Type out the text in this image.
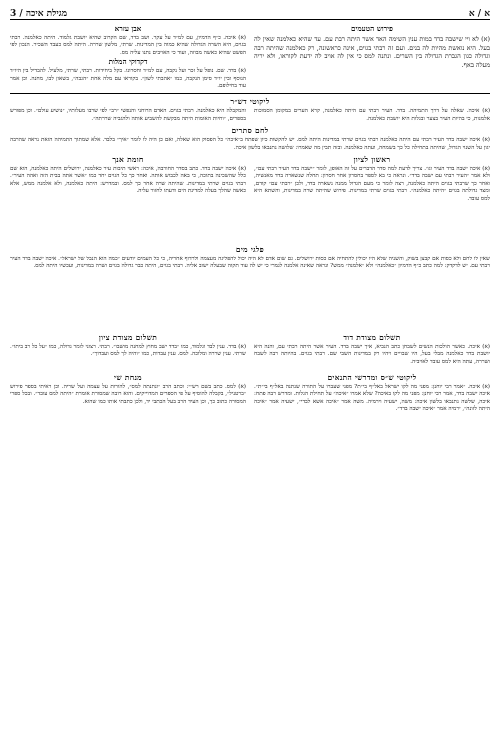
א / א
מגילת איכה / 3
פירוש הטעמים
(א) לא ויי שישבה בדד במות ענין השימה האד אשר היתה רבת עם. עד שהיא כאלמנה שאין לה בעל. היא נואשת מהיות לה בנים. ועם זה רבתי בגוים, אינה כראשונה, רק כאלמנה שהיתה רבה וגדולה כגון הגברת הגדולה בין השרים. ונתנה למס כי אין לה אויב לה ידעת לקוראו, ולא יריה מעלה באף.
אבן עזרא
(א) איכה. כ״ף הדמיון, עם למ״ד על עקר. ושב בדד, שם הקרוב שהיא יושבת גלמוד. היתה כאלמנה. רבתי בגוים, היא השרה הגדולה שהיא כמוה בין המדינות. שרתי, מלשון שררה. היתה למס כעבד השכיר. הנכון לפי הפשט שהיא כאשה מבוזה, ועוד כי האויבים נתנו עליה מס.
דקדוקי המלות
(א) בדד. שם. נופל על זכר ועל נקבה, עם למ״ד וחסרונו. בקל ביחידות. רבתי, שרתי, מלעיל. להבדיל בין היו״ד הנוסף ובין יו״ד סימן הנקבה, כמו ״אהבתי לשון״. בקוראו עם מלה אחת ״הגבה״, בשאון לבו, מחנה. וכן אמר עוד בחילופם.
ליקוטי דש״ר
(א) איכה. שאלה על דרך התמיהה. בדד. העיר רבתי עם היתה כאלמנה, קרא הערים במקומן הסמוכות אלמנות, כי בהיות העיר בצער ובגלות היא יושבת כאלמנה.
והמקבלה היא כאלמנה. רבתי בגוים. האדם הרוחני והנפשי ״רב״ לפי שרבו מעלותיו, ״נושיע עולם״. וכן מפורש בספרים, ״וחיות האומות היתה מבקשת להשביע אותה ולהגביה שררתה״.
לחם סתרים
(א) איכה ישבה בדד העיר רבתי עם היתה כאלמנה רבתי בגוים שרתי במדינות היתה למס. יש להקשות כיון שפתח ב״איכה״ כל הפסוק הוא שאלה, ואם כן היה לו לומר ״איך״ בלבד. אלא שמתוך התמיהה הזאת נראה שהרבה יגון על השנוי הגדול, שהיתה בתחילה כל כך בשמחה, ועתה כאלמנה. ובזה תבין מה שאמרו: שלושה נתנבאו בלשון איכה.
ראשון לציון
(א) איכה ישבה בדד העיר וגו׳. צריך לדעת למה סדר הדברים על זה האופן, לומר ״ישבה בדד העיר רבתי עם״, ולא אמר ״העיר רבתי עם ישבה בדד״. ונראה כי בא לספר בחסרון אחר חסרון: תחלה שנשארה בדד מאנשיה, ואחר כך שרבתי בגוים היתה כאלמנה, רצה לומר כי מעם הגדול ממנה נשארה בדד, ולכן ״רבתי עם״ קודם, ומצד גדולתה בגוים ״היתה כאלמנה״. רבתי בגוים שרתי במדינות. פירוש שהיתה שרה במדינות, והשתא היא למס עובד.
חומת אנך
(א) איכה ישבה בדד. כתב בסדר החורבה, איכה: ראשי תיבות עיר כאלמנה, ירושלים היתה כאלמנה, הוא שם כלל שהשכינה בתוכה, כי באה לכבוש אותה. ואחר כך כל הגוים יחד כמו ״אשר אתה בבית הזה ואהה העיר״. רבתי בגוים שרתי במדינות. שהיתה שרה אחר כך למס. ובמדרש: היתה כאלמנה, ולא אלמנה ממש, אלא כאשה שהלך בעלה למדינת הים ודעתו לחזור עליה.
פלגי מים
שאין לו לחם ולא כסות אם קבצן בשוק, והשניה שלא היו יכולין להתחיה אם כסות ירושלים. גם שום אדם לא היה יכול להפליגה מעצמה ולרדוף אחריה, כי כל העמים יודעים ״כמה הוא הנבל של ישראל״. איכה ישבה בדד העיר רבתי עם. יש לדקדק: למה כתב כ״ף הדמיון ״כאלמנה״ ולא ״אלמנה״ ממש? ונראה שאינה אלמנה לגמרי כי יש לה עוד תקוה שבעלה ישוב אליה. רבתי בגוים, היתה כבר גדולה בגוים ושרה במדינות, ועכשיו היתה למס.
תשלום מצודת דוד
(א) איכה. כאשר הולכות הנשים לשבחן כתב הנביא, איך ישבה בדד. העיר אשר היתה רבתי עם, והנה היא יושבת בדד כאלמנה מבלי בעל, היו שבויים ויהיו רק במדינות השבי שם. רבתי בגוים. בהיותה רבה לשבח ושררה, עתה היא למס עובד לאויביה.
תשלום מצודת ציון
(א) בדד. ענין לבד וגלמוד, כמו ״בדד ישב מחוץ למחנה מושבו״. רבתי. רצוני לומר גדולה, כמו ״על כל רב ביתו״. שרתי. ענין שררה ומלוכה. למס. ענין עבדות, כמו ״והיה לך למס ועבדוך״.
ליקוטי ש״ס ומדרשי התנאים
(א) איכה. ״אמר רבי יוחנן: מפני מה לקו ישראל באל״ף בי״ת? מפני שעברו על התורה שנתנה באל״ף בי״ת״. איכה ישבה בדד, אמר רבי יוחנן: מפני מה לקו באיכה? שלא אמרו ״איכה״ על תחילת הגלות. ומדרש רבה פתח: איכה, שלשה נתנבאו בלשון איכה: משה, ישעיה וירמיה. משה אמר ״איכה אשא לבדי״, ישעיה אמר ״איכה היתה לזונה״, ירמיה אמר ״איכה ישבה בדד״.
מנחת שי
(א) למס. כתב בשם רש״י: וכתב הרב ״ונתנתה למס״, להורות על עצמה ועל שריה. וכן ראיתי בספר פירוש ״ברטניל״, בקבלה להוסיף על פי הספרים המדוייקים. והוא רובה שמסורת אומרת ״היתה למס עובד״. ובכל ספרי המסורה כתוב כך, וכן העיד הרב בעל הכתבי יד, ולכן כתבתי אותו כמו שהוא.
